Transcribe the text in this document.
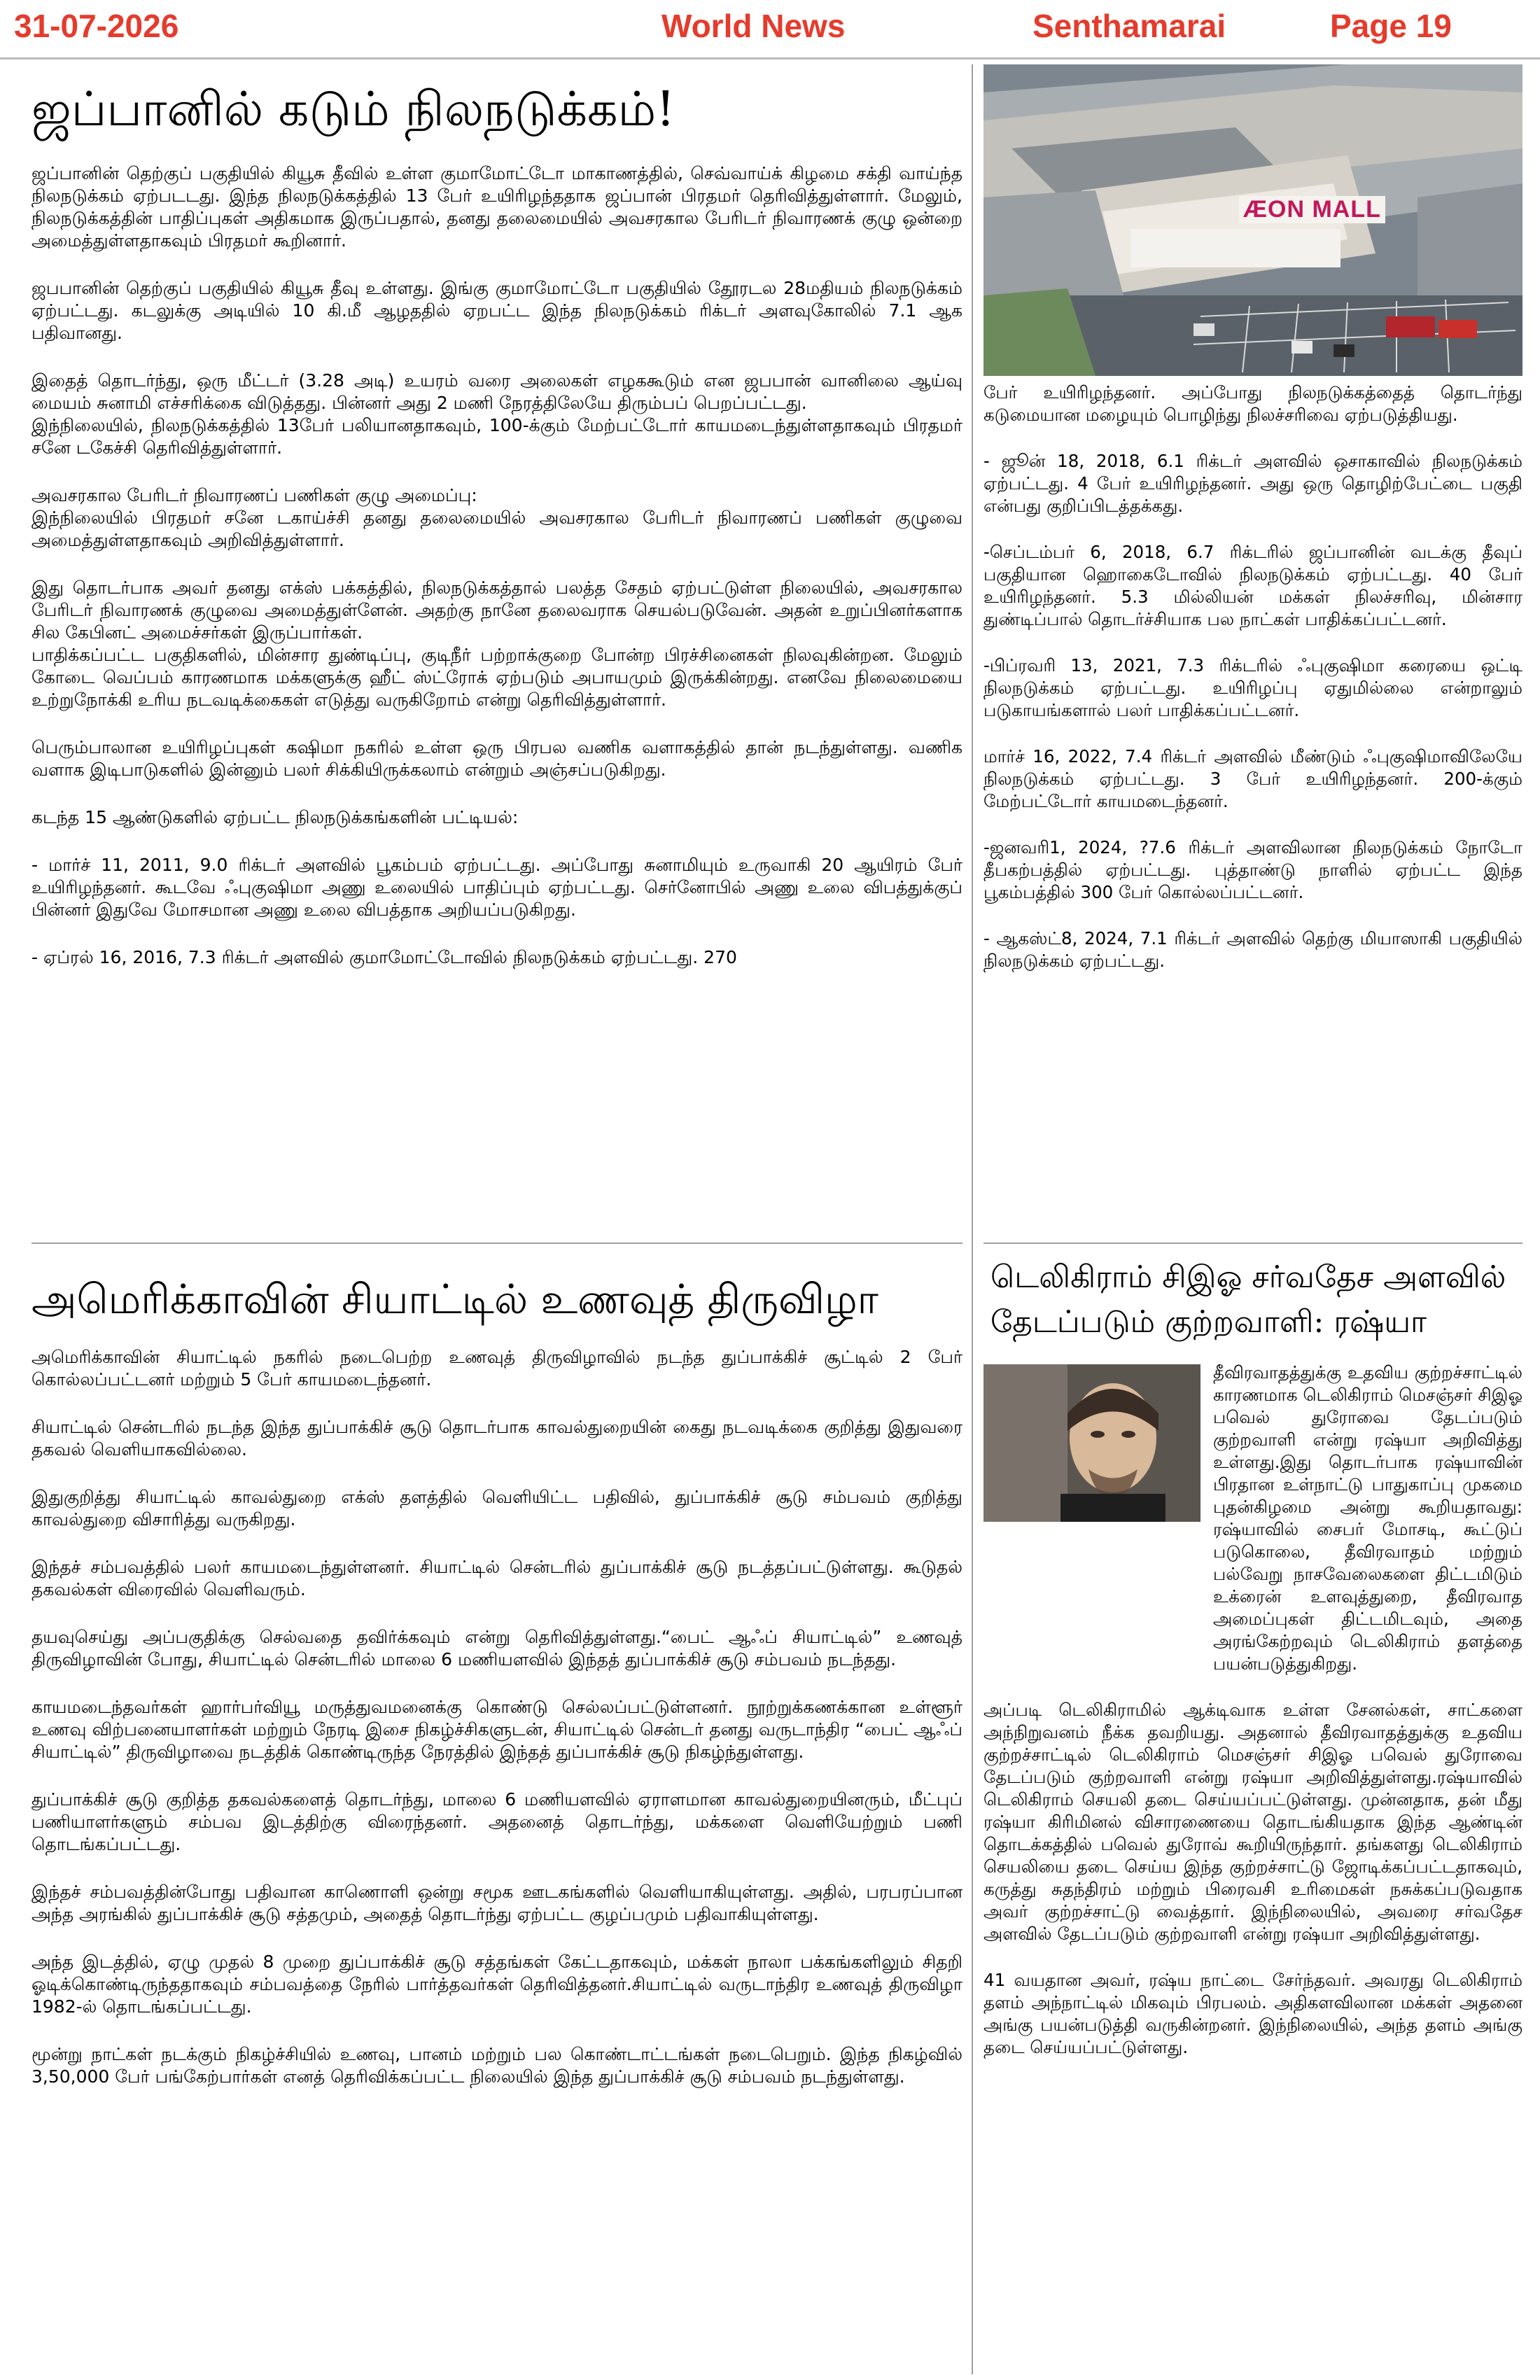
31-07-2026	World News	Senthamarai	Page 19
ஜப்பானில் கடும் நிலநடுக்கம்!

ஜப்பானின் தெற்குப் பகுதியில் கியூசு தீவில் உள்ள குமாமோட்டோ மாகாணத்தில், செவ்வாய்க் கிழமை சக்தி வாய்ந்த நிலநடுக்கம் ஏற்படடது. இந்த நிலநடுக்கத்தில் 13 பேர் உயிரிழந்ததாக ஜப்பான் பிரதமர் தெரிவித்துள்ளார். மேலும், நிலநடுக்கத்தின் பாதிப்புகள் அதிகமாக இருப்பதால், தனது தலைமையில் அவசரகால பேரிடர் நிவாரணக் குழு ஒன்றை அமைத்துள்ளதாகவும் பிரதமர் கூறினார்.

ஜபபானின் தெற்குப் பகுதியில் கியூசு தீவு உள்ளது. இங்கு குமாமோட்டோ பகுதியில் தேூரடல 28மதியம் நிலநடுக்கம் ஏற்பட்டது. கடலுக்கு அடியில் 10 கி.மீ ஆழததில் ஏறபட்ட இந்த நிலநடுக்கம் ரிக்டர் அளவுகோலில் 7.1 ஆக பதிவானது.

இதைத் தொடர்ந்து, ஒரு மீட்டர் (3.28 அடி) உயரம் வரை அலைகள் எழககூடும் என ஜபபான் வானிலை ஆய்வு மையம் சுனாமி எச்சரிக்கை விடுத்தது. பின்னர் அது 2 மணி நேரத்திலேயே திரும்பப் பெறப்பட்டது.
இந்நிலையில், நிலநடுக்கத்தில் 13பேர் பலியானதாகவும், 100-க்கும் மேற்பட்டோர் காயமடைந்துள்ளதாகவும் பிரதமர் சனே டகேச்சி தெரிவித்துள்ளார்.

அவசரகால பேரிடர் நிவாரணப் பணிகள் குழு அமைப்பு:
இந்நிலையில் பிரதமர் சனே டகாய்ச்சி தனது தலைமையில் அவசரகால பேரிடர் நிவாரணப் பணிகள் குழுவை அமைத்துள்ளதாகவும் அறிவித்துள்ளார்.

இது தொடர்பாக அவர் தனது எக்ஸ் பக்கத்தில், நிலநடுக்கத்தால் பலத்த சேதம் ஏற்பட்டுள்ள நிலையில், அவசரகால பேரிடர் நிவாரணக் குழுவை அமைத்துள்ளேன். அதற்கு நானே தலைவராக செயல்படுவேன். அதன் உறுப்பினர்களாக சில கேபினட் அமைச்சர்கள் இருப்பார்கள்.
பாதிக்கப்பட்ட பகுதிகளில், மின்சார துண்டிப்பு, குடிநீர் பற்றாக்குறை போன்ற பிரச்சினைகள் நிலவுகின்றன. மேலும் கோடை வெப்பம் காரணமாக மக்களுக்கு ஹீட் ஸ்ட்ரோக் ஏற்படும் அபாயமும் இருக்கின்றது. எனவே நிலைமையை உற்றுநோக்கி உரிய நடவடிக்கைகள் எடுத்து வருகிறோம் என்று தெரிவித்துள்ளார்.

பெரும்பாலான உயிரிழப்புகள் கஷிமா நகரில் உள்ள ஒரு பிரபல வணிக வளாகத்தில் தான் நடந்துள்ளது. வணிக வளாக இடிபாடுகளில் இன்னும் பலர் சிக்கியிருக்கலாம் என்றும் அஞ்சப்படுகிறது.

கடந்த 15 ஆண்டுகளில் ஏற்பட்ட நிலநடுக்கங்களின் பட்டியல்:

- மார்ச் 11, 2011, 9.0 ரிக்டர் அளவில் பூகம்பம் ஏற்பட்டது. அப்போது சுனாமியும் உருவாகி 20 ஆயிரம் பேர் உயிரிழந்தனர். கூடவே ஃபுகுஷிமா அணு உலையில் பாதிப்பும் ஏற்பட்டது. செர்னோபில் அணு உலை விபத்துக்குப் பின்னர் இதுவே மோசமான அணு உலை விபத்தாக அறியப்படுகிறது.

- ஏப்ரல் 16, 2016, 7.3 ரிக்டர் அளவில் குமாமோட்டோவில் நிலநடுக்கம் ஏற்பட்டது. 270

அமெரிக்காவின் சியாட்டில் உணவுத் திருவிழா

அமெரிக்காவின் சியாட்டில் நகரில் நடைபெற்ற உணவுத் திருவிழாவில் நடந்த துப்பாக்கிச் சூட்டில் 2 பேர் கொல்லப்பட்டனர் மற்றும் 5 பேர் காயமடைந்தனர்.

சியாட்டில் சென்டரில் நடந்த இந்த துப்பாக்கிச் சூடு தொடர்பாக காவல்துறையின் கைது நடவடிக்கை குறித்து இதுவரை தகவல் வெளியாகவில்லை.

இதுகுறித்து சியாட்டில் காவல்துறை எக்ஸ் தளத்தில் வெளியிட்ட பதிவில், துப்பாக்கிச் சூடு சம்பவம் குறித்து காவல்துறை விசாரித்து வருகிறது.

இந்தச் சம்பவத்தில் பலர் காயமடைந்துள்ளனர். சியாட்டில் சென்டரில் துப்பாக்கிச் சூடு நடத்தப்பட்டுள்ளது. கூடுதல் தகவல்கள் விரைவில் வெளிவரும்.

தயவுசெய்து அப்பகுதிக்கு செல்வதை தவிர்க்கவும் என்று தெரிவித்துள்ளது.“பைட் ஆஃப் சியாட்டில்” உணவுத் திருவிழாவின் போது, சியாட்டில் சென்டரில் மாலை 6 மணியளவில் இந்தத் துப்பாக்கிச் சூடு சம்பவம் நடந்தது.

காயமடைந்தவர்கள் ஹார்பர்வியூ மருத்துவமனைக்கு கொண்டு செல்லப்பட்டுள்ளனர். நூற்றுக்கணக்கான உள்ளூர் உணவு விற்பனையாளர்கள் மற்றும் நேரடி இசை நிகழ்ச்சிகளுடன், சியாட்டில் சென்டர் தனது வருடாந்திர “பைட் ஆஃப் சியாட்டில்” திருவிழாவை நடத்திக் கொண்டிருந்த நேரத்தில் இந்தத் துப்பாக்கிச் சூடு நிகழ்ந்துள்ளது.

துப்பாக்கிச் சூடு குறித்த தகவல்களைத் தொடர்ந்து, மாலை 6 மணியளவில் ஏராளமான காவல்துறையினரும், மீட்புப் பணியாளர்களும் சம்பவ இடத்திற்கு விரைந்தனர். அதனைத் தொடர்ந்து, மக்களை வெளியேற்றும் பணி தொடங்கப்பட்டது.

இந்தச் சம்பவத்தின்போது பதிவான காணொளி ஒன்று சமூக ஊடகங்களில் வெளியாகியுள்ளது. அதில், பரபரப்பான அந்த அரங்கில் துப்பாக்கிச் சூடு சத்தமும், அதைத் தொடர்ந்து ஏற்பட்ட குழப்பமும் பதிவாகியுள்ளது.

அந்த இடத்தில், ஏழு முதல் 8 முறை துப்பாக்கிச் சூடு சத்தங்கள் கேட்டதாகவும், மக்கள் நாலா பக்கங்களிலும் சிதறி ஓடிக்கொண்டிருந்ததாகவும் சம்பவத்தை நேரில் பார்த்தவர்கள் தெரிவித்தனர்.சியாட்டில் வருடாந்திர உணவுத் திருவிழா 1982-ல் தொடங்கப்பட்டது.

மூன்று நாட்கள் நடக்கும் நிகழ்ச்சியில் உணவு, பானம் மற்றும் பல கொண்டாட்டங்கள் நடைபெறும். இந்த நிகழ்வில் 3,50,000 பேர் பங்கேற்பார்கள் எனத் தெரிவிக்கப்பட்ட நிலையில் இந்த துப்பாக்கிச் சூடு சம்பவம் நடந்துள்ளது.

ÆON MALL

பேர் உயிரிழந்தனர். அப்போது நிலநடுக்கத்தைத் தொடர்ந்து கடுமையான மழையும் பொழிந்து நிலச்சரிவை ஏற்படுத்தியது.

- ஜூன் 18, 2018, 6.1 ரிக்டர் அளவில் ஒசாகாவில் நிலநடுக்கம் ஏற்பட்டது. 4 பேர் உயிரிழந்தனர். அது ஒரு தொழிற்பேட்டை பகுதி என்பது குறிப்பிடத்தக்கது.

-செப்டம்பர் 6, 2018, 6.7 ரிக்டரில் ஜப்பானின் வடக்கு தீவுப் பகுதியான ஹொகைடோவில் நிலநடுக்கம் ஏற்பட்டது. 40 பேர் உயிரிழந்தனர். 5.3 மில்லியன் மக்கள் நிலச்சரிவு, மின்சார துண்டிப்பால் தொடர்ச்சியாக பல நாட்கள் பாதிக்கப்பட்டனர்.

-பிப்ரவரி 13, 2021, 7.3 ரிக்டரில் ஃபுகுஷிமா கரையை ஒட்டி நிலநடுக்கம் ஏற்பட்டது. உயிரிழப்பு ஏதுமில்லை என்றாலும் படுகாயங்களால் பலர் பாதிக்கப்பட்டனர்.

மார்ச் 16, 2022, 7.4 ரிக்டர் அளவில் மீண்டும் ஃபுகுஷிமாவிலேயே நிலநடுக்கம் ஏற்பட்டது. 3 பேர் உயிரிழந்தனர். 200-க்கும் மேற்பட்டோர் காயமடைந்தனர்.

-ஜனவரி1, 2024, ?7.6 ரிக்டர் அளவிலான நிலநடுக்கம் நோடோ தீபகற்பத்தில் ஏற்பட்டது. புத்தாண்டு நாளில் ஏற்பட்ட இந்த பூகம்பத்தில் 300 பேர் கொல்லப்பட்டனர்.

- ஆகஸ்ட்8, 2024, 7.1 ரிக்டர் அளவில் தெற்கு மியாஸாகி பகுதியில் நிலநடுக்கம் ஏற்பட்டது.

டெலிகிராம் சிஇஓ சர்வதேச அளவில் தேடப்படும் குற்றவாளி: ரஷ்யா

தீவிரவாதத்துக்கு உதவிய குற்றச்சாட்டில் காரணமாக டெலிகிராம் மெசஞ்சர் சிஇஓ பவெல் துரோவை தேடப்படும் குற்றவாளி என்று ரஷ்யா அறிவித்து உள்ளது.இது தொடர்பாக ரஷ்யாவின் பிரதான உள்நாட்டு பாதுகாப்பு முகமை புதன்கிழமை அன்று கூறியதாவது: ரஷ்யாவில் சைபர் மோசடி, கூட்டுப் படுகொலை, தீவிரவாதம் மற்றும் பல்வேறு நாசவேலைகளை திட்டமிடும் உக்ரைன் உளவுத்துறை, தீவிரவாத அமைப்புகள் திட்டமிடவும், அதை அரங்கேற்றவும் டெலிகிராம் தளத்தை பயன்படுத்துகிறது.

அப்படி டெலிகிராமில் ஆக்டிவாக உள்ள சேனல்கள், சாட்களை அந்நிறுவனம் நீக்க தவறியது. அதனால் தீவிரவாதத்துக்கு உதவிய குற்றச்சாட்டில் டெலிகிராம் மெசஞ்சர் சிஇஓ பவெல் துரோவை தேடப்படும் குற்றவாளி என்று ரஷ்யா அறிவித்துள்ளது.ரஷ்யாவில் டெலிகிராம் செயலி தடை செய்யப்பட்டுள்ளது. முன்னதாக, தன் மீது ரஷ்யா கிரிமினல் விசாரணையை தொடங்கியதாக இந்த ஆண்டின் தொடக்கத்தில் பவெல் துரோவ் கூறியிருந்தார். தங்களது டெலிகிராம் செயலியை தடை செய்ய இந்த குற்றச்சாட்டு ஜோடிக்கப்பட்டதாகவும், கருத்து சுதந்திரம் மற்றும் பிரைவசி உரிமைகள் நசுக்கப்படுவதாக அவர் குற்றச்சாட்டு வைத்தார். இந்நிலையில், அவரை சர்வதேச அளவில் தேடப்படும் குற்றவாளி என்று ரஷ்யா அறிவித்துள்ளது.

41 வயதான அவர், ரஷ்ய நாட்டை சேர்ந்தவர். அவரது டெலிகிராம் தளம் அந்நாட்டில் மிகவும் பிரபலம். அதிகளவிலான மக்கள் அதனை அங்கு பயன்படுத்தி வருகின்றனர். இந்நிலையில், அந்த தளம் அங்கு தடை செய்யப்பட்டுள்ளது.
